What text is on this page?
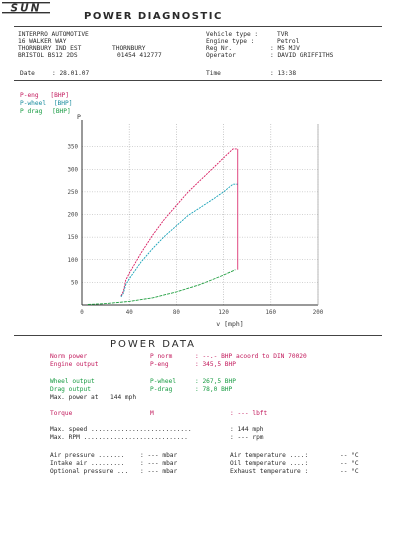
SUN
POWER DIAGNOSTIC
INTERPRO AUTOMOTIVE
16 WALKER WAY
THORNBURY IND EST	THORNBURY
BRISTOL BS12 2DS	01454 412777
Vehicle type :	TVR
Engine type :	Petrol
Reg Nr.	: M5 MJV
Operator	: DAVID GRIFFITHS
Date	: 28.01.07	Time	: 13:38
P-eng [BHP]
P-wheel [BHP]
P drag [BHP]
P
0	40	80	120	160	200
50
100
150
200
250
300
350
v [mph]
POWER DATA
Norm power	P norm	: --.- BHP acoord to DIN 70020
Engine output	P-eng	: 345,5 BHP
Wheel output	P-wheel	: 267,5 BHP
Drag output	P-drag	: 78,0 BHP
Max. power at 144 mph
Torque	M	: --- lbft
Max. speed ...........................	: 144 mph
Max. RPM ............................	: --- rpm
Air pressure ....... : --- mbar
Intake air ......... : --- mbar
Optional pressure ... : --- mbar
Air temperature ....:	-- °C
Oil temperature ....:	-- °C
Exhaust temperature :	-- °C
